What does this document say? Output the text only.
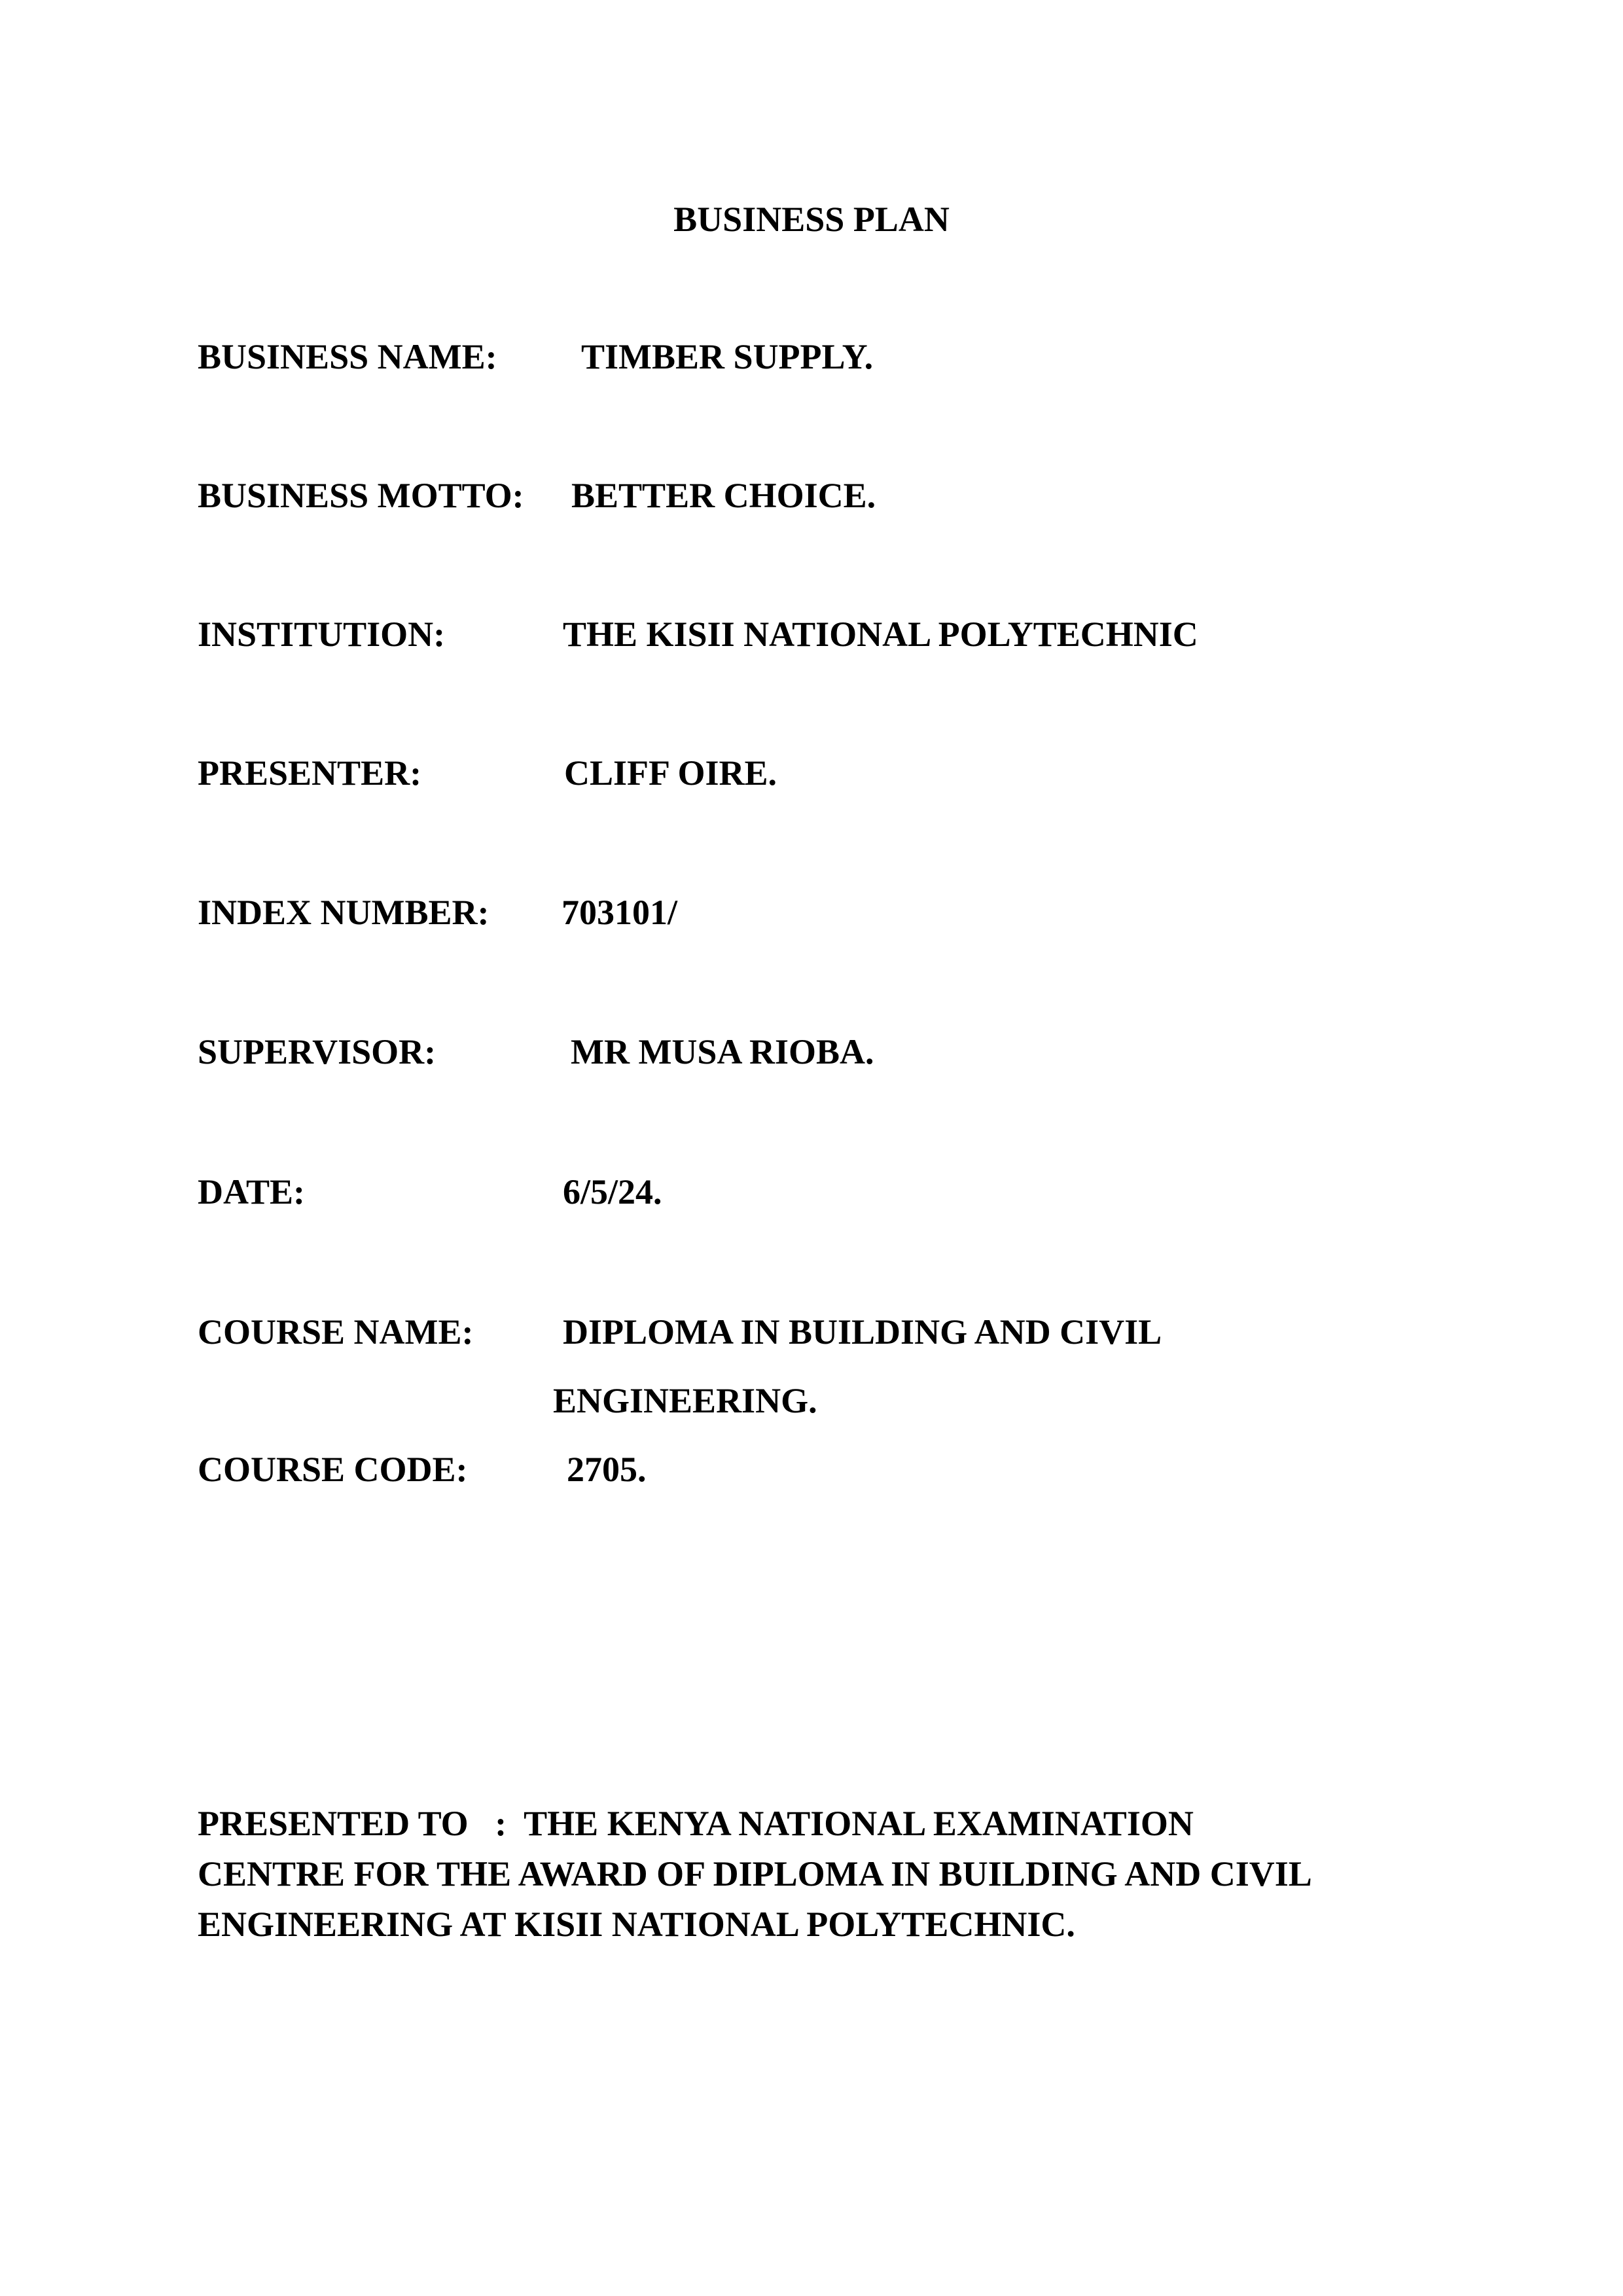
BUSINESS PLAN
BUSINESS NAME: TIMBER SUPPLY.
BUSINESS MOTTO: BETTER CHOICE.
INSTITUTION:	THE KISII NATIONAL POLYTECHNIC
PRESENTER:	CLIFF OIRE.
INDEX NUMBER: 703101/
SUPERVISOR:	MR MUSA RIOBA.
DATE:	6/5/24.
COURSE NAME:	DIPLOMA IN BUILDING AND CIVIL
ENGINEERING.
COURSE CODE:	2705.
PRESENTED TO   :  THE KENYA NATIONAL EXAMINATION
CENTRE FOR THE AWARD OF DIPLOMA IN BUILDING AND CIVIL
ENGINEERING AT KISII NATIONAL POLYTECHNIC.
